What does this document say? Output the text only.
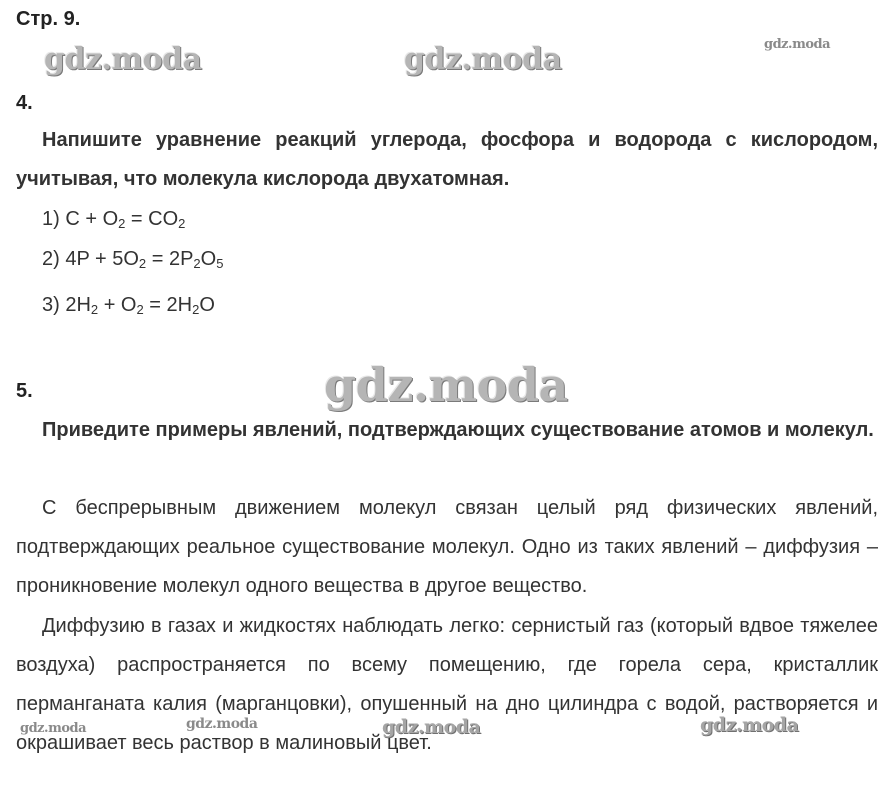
Стр. 9.
gdz.moda	gdz.moda	gdz.moda
gdz.moda
gdz.moda	gdz.moda	gdz.moda	gdz.moda
4.
Напишите уравнение реакций углерода, фосфора и водорода с кислородом, учитывая, что молекула кислорода двухатомная.
1) $C + O_2 = CO_2$
2) $4P + 5O_2 = 2P_2O_5$
3) $2H_2 + O_2 = 2H_2O$
5.
Приведите примеры явлений, подтверждающих существование атомов и молекул.
С беспрерывным движением молекул связан целый ряд физических явлений, подтверждающих реальное существование молекул. Одно из таких явлений – диффузия – проникновение молекул одного вещества в другое вещество.
Диффузию в газах и жидкостях наблюдать легко: сернистый газ (который вдвое тяжелее воздуха) распространяется по всему помещению, где горела сера, кристаллик перманганата калия (марганцовки), опушенный на дно цилиндра с водой, растворяется и окрашивает весь раствор в малиновый цвет.
